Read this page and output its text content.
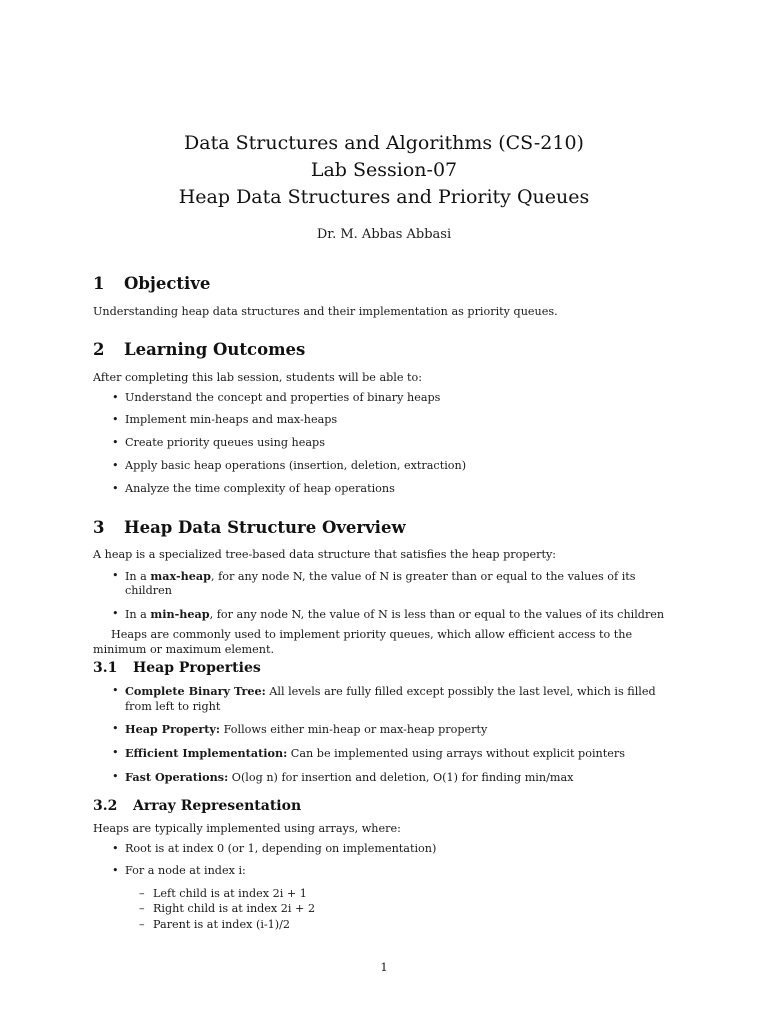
Data Structures and Algorithms (CS-210)
Lab Session-07
Heap Data Structures and Priority Queues
Dr. M. Abbas Abbasi
1 Objective
Understanding heap data structures and their implementation as priority queues.
2 Learning Outcomes
After completing this lab session, students will be able to:
• Understand the concept and properties of binary heaps
• Implement min-heaps and max-heaps
• Create priority queues using heaps
• Apply basic heap operations (insertion, deletion, extraction)
• Analyze the time complexity of heap operations
3 Heap Data Structure Overview
A heap is a specialized tree-based data structure that satisfies the heap property:
• In a max-heap, for any node N, the value of N is greater than or equal to the values of its children
• In a min-heap, for any node N, the value of N is less than or equal to the values of its children
Heaps are commonly used to implement priority queues, which allow efficient access to the minimum or maximum element.
3.1 Heap Properties
• Complete Binary Tree: All levels are fully filled except possibly the last level, which is filled from left to right
• Heap Property: Follows either min-heap or max-heap property
• Efficient Implementation: Can be implemented using arrays without explicit pointers
• Fast Operations: O(log n) for insertion and deletion, O(1) for finding min/max
3.2 Array Representation
Heaps are typically implemented using arrays, where:
• Root is at index 0 (or 1, depending on implementation)
• For a node at index i:
– Left child is at index 2i + 1
– Right child is at index 2i + 2
– Parent is at index (i-1)/2
1
